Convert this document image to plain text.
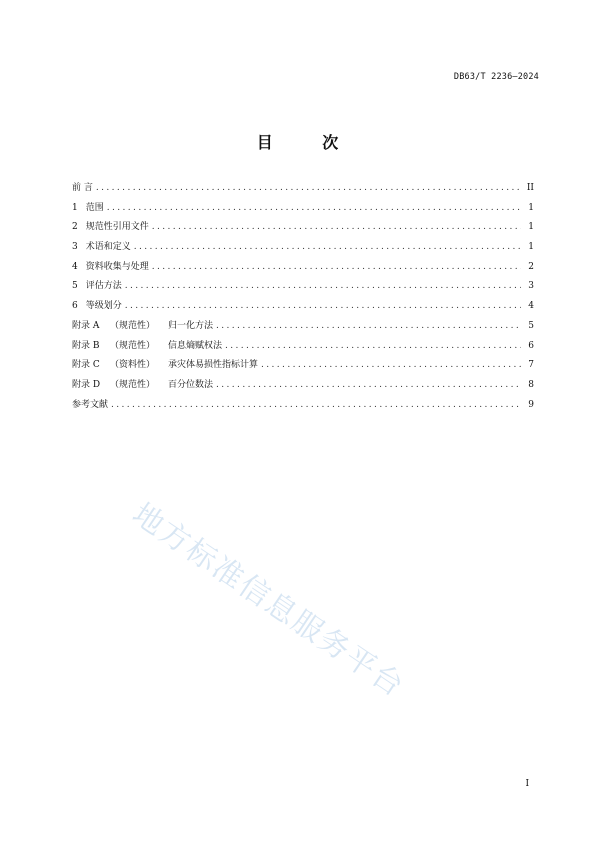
DB63/T 2236—2024
目 次
前 言 .....	II
1 范围 .....	1
2 规范性引用文件 .....	1
3 术语和定义 .....	1
4 资料收集与处理 .....	2
5 评估方法 .....	3
6 等级划分 .....	4
附录 A	（规范性）	归一化方法 .....	5
附录 B	（规范性）	信息熵赋权法 .....	6
附录 C	（资料性）	承灾体易损性指标计算 .....	7
附录 D	（规范性）	百分位数法 .....	8
参考文献 .....	9
地方标准信息服务平台
I
